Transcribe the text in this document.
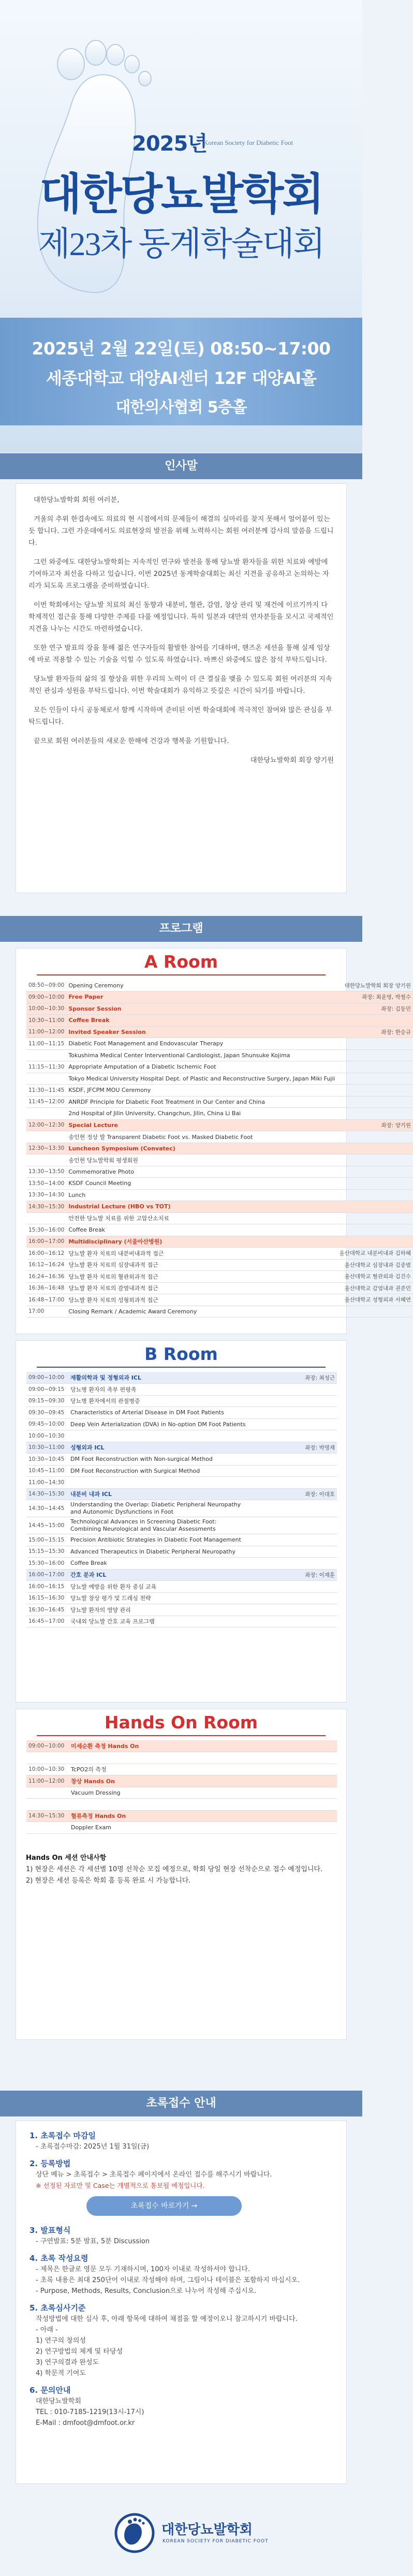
2025년
Korean Society for Diabetic Foot
대한당뇨발학회
제23차 동계학술대회
2025년 2월 22일(토) 08:50~17:00
세종대학교 대양AI센터 12F 대양AI홀
대한의사협회 5층홀
인사말

대한당뇨발학회 회원 여러분,

겨울의 추위 한겹속에도 의료의 현 시점에서의 문제들이 해결의 실마리를 찾지 못해서 얼어붙어 있는 듯 합니다. 그런 가운데에서도 의료현장의 발전을 위해 노력하시는 회원 여러분께 감사의 말씀을 드립니다.

그런 와중에도 대한당뇨발학회는 지속적인 연구와 발전을 통해 당뇨발 환자들을 위한 치료와 예방에 기여하고자 최선을 다하고 있습니다. 이번 2025년 동계학술대회는 최신 지견을 공유하고 논의하는 자리가 되도록 프로그램을 준비하였습니다.

이번 학회에서는 당뇨발 치료의 최신 동향과 내분비, 혈관, 감염, 창상 관리 및 재건에 이르기까지 다학제적인 접근을 통해 다양한 주제를 다룰 예정입니다. 특히 일본과 대만의 연자분들을 모시고 국제적인 지견을 나누는 시간도 마련하였습니다.

또한 연구 발표의 장을 통해 젊은 연구자들의 활발한 참여를 기대하며, 핸즈온 세션을 통해 실제 임상에 바로 적용할 수 있는 기술을 익힐 수 있도록 하였습니다. 바쁘신 와중에도 많은 참석 부탁드립니다.

당뇨발 환자들의 삶의 질 향상을 위한 우리의 노력이 더 큰 결실을 맺을 수 있도록 회원 여러분의 지속적인 관심과 성원을 부탁드립니다. 이번 학술대회가 유익하고 뜻깊은 시간이 되기를 바랍니다.

모든 인들이 다시 공동체로서 함께 시작하며 준비된 이번 학술대회에 적극적인 참여와 많은 관심을 부탁드립니다.

끝으로 회원 여러분들의 새로운 한해에 건강과 행복을 기원합니다.

대한당뇨발학회 회장 양기원
프로그램
A Room
08:50~09:00	Opening Ceremony	대한당뇨발학회 회장 양기원
09:00~10:00	Free Paper	좌장: 최윤영, 박철수
10:00~10:30	Sponsor Session	좌장: 김동민
10:30~11:00	Coffee Break	
11:00~12:00	Invited Speaker Session	좌장: 한승규
11:00~11:15	Diabetic Foot Management and Endovascular Therapy	
	Tokushima Medical Center Interventional Cardiologist, Japan Shunsuke Kojima	
11:15~11:30	Appropriate Amputation of a Diabetic Ischemic Foot	
	Tokyo Medical University Hospital Dept. of Plastic and Reconstructive Surgery, Japan Miki Fujii	
11:30~11:45	KSDF, JFCPM MOU Ceremony	
11:45~12:00	ANRDF Principle for Diabetic Foot Treatment in Our Center and China	
	2nd Hospital of Jilin University, Changchun, Jilin, China Li Bai	
12:00~12:30	Special Lecture	좌장: 양기원
	송인현 정상 발 Transparent Diabetic Foot vs. Masked Diabetic Foot	
12:30~13:30	Luncheon Symposium (Convatec)	
	송인현 당뇨발학회 평생회원	
13:30~13:50	Commemorative Photo	
13:50~14:00	KSDF Council Meeting	
13:30~14:30	Lunch	
14:30~15:30	Industrial Lecture (HBO vs TOT)	
	안전한 당뇨발 치료를 위한 고압산소치료	
15:30~16:00	Coffee Break	
16:00~17:00	Multidisciplinary (서울아산병원)	
16:00~16:12	당뇨발 환자 치료의 내분비내과적 접근	울산대학교 내분비내과 김하혜
16:12~16:24	당뇨발 환자 치료의 심장내과적 접근	울산대학교 심장내과 김종범
16:24~16:36	당뇨발 환자 치료의 혈관외과적 접근	울산대학교 혈관외과 김건수
16:36~16:48	당뇨발 환자 치료의 감염내과적 접근	울산대학교 감염내과 권준민
16:48~17:00	당뇨발 환자 치료의 성형외과적 접근	울산대학교 성형외과 서혜연
17:00	Closing Remark / Academic Award Ceremony	
B Room
09:00~10:00	재활의학과 및 정형외과 ICL	좌장: 최성근
09:00~09:15	당뇨병 환자의 족부 편평족	
09:15~09:30	당뇨병 환자에서의 관절병증	
09:30~09:45	Characteristics of Arterial Disease in DM Foot Patients	
09:45~10:00	Deep Vein Arterialization (DVA) in No-option DM Foot Patients	
10:00~10:30		
10:30~11:00	성형외과 ICL	좌장: 박명재
10:30~10:45	DM Foot Reconstruction with Non-surgical Method	
10:45~11:00	DM Foot Reconstruction with Surgical Method	
11:00~14:30		
14:30~15:30	내분비 내과 ICL	좌장: 이대호
14:30~14:45	Understanding the Overlap: Diabetic Peripheral Neuropathy and Autonomic Dysfunctions in Foot	
14:45~15:00	Technological Advances in Screening Diabetic Foot: Combining Neurological and Vascular Assessments	
15:00~15:15	Precision Antibiotic Strategies in Diabetic Foot Management	
15:15~15:30	Advanced Therapeutics in Diabetic Peripheral Neuropathy	
15:30~16:00	Coffee Break	
16:00~17:00	간호 분과 ICL	좌장: 이재훈
16:00~16:15	당뇨발 예방을 위한 환자 중심 교육	
16:15~16:30	당뇨발 창상 평가 및 드레싱 전략	
16:30~16:45	당뇨발 환자의 영양 관리	
16:45~17:00	국내외 당뇨발 간호 교육 프로그램	
Hands On Room
09:00~10:00	미세순환 측정 Hands On	

10:00~10:30	TcPO2의 측정	
11:00~12:00	창상 Hands On	
	Vacuum Dressing	

14:30~15:30	혈류측정 Hands On	
	Doppler Exam	
Hands On 세션 안내사항
1) 현장은 세션은 각 세션별 10명 선착순 모집 예정으로, 학회 당일 현장 선착순으로 접수 예정입니다.
2) 현장은 세션 등록은 학회 홈 등록 완료 시 가능합니다.
초록접수 안내
1. 초록접수 마감일
- 초록접수마감: 2025년 1월 31일(금)
2. 등록방법
상단 메뉴 > 초록접수 > 초록접수 페이지에서 온라인 접수를 해주시기 바랍니다.
※ 선정된 자료만 및 Case는 개별적으로 통보될 예정입니다.
초록접수 바로가기 →
3. 발표형식
- 구연발표: 5분 발표, 5분 Discussion
4. 초록 작성요령
- 제목은 한글로 영문 모두 기재하시며, 100자 이내로 작성하셔야 합니다.
- 초록 내용은 최대 250단어 이내로 작성해야 하며, 그림이나 테이블은 포함하지 마십시오.
- Purpose, Methods, Results, Conclusion으로 나누어 작성해 주십시오.
5. 초록심사기준
작성방법에 대한 심사 후, 아래 항목에 대하여 채점을 할 예정이오니 참고하시기 바랍니다.
- 아래 -
1) 연구의 창의성
2) 연구방법의 체계 및 타당성
3) 연구의결과 완성도
4) 학문적 기여도
6. 문의안내
대한당뇨발학회
TEL : 010-7185-1219(13시-17시)
E-Mail : dmfoot@dmfoot.or.kr
대한당뇨발학회
KOREAN SOCIETY FOR DIABETIC FOOT
